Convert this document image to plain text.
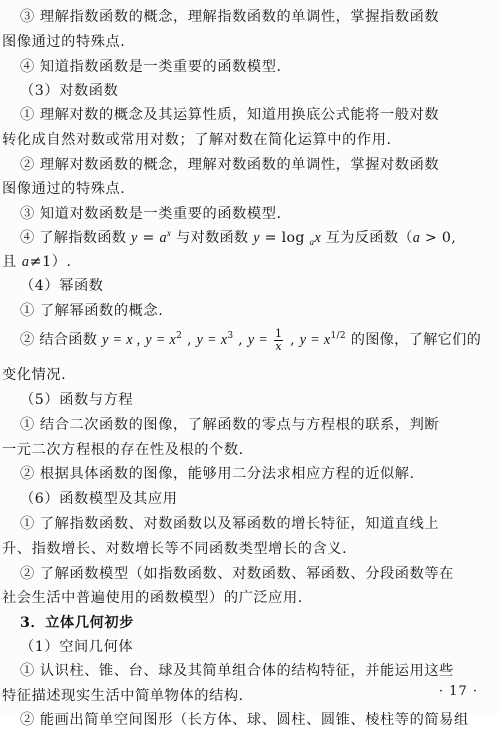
③ 理解指数函数的概念，理解指数函数的单调性，掌握指数函数
图像通过的特殊点.
④ 知道指数函数是一类重要的函数模型.
（3）对数函数
① 理解对数的概念及其运算性质，知道用换底公式能将一般对数
转化成自然对数或常用对数；了解对数在简化运算中的作用.
② 理解对数函数的概念，理解对数函数的单调性，掌握对数函数
图像通过的特殊点.
③ 知道对数函数是一类重要的函数模型.
④ 了解指数函数 $y = a^x$ 与对数函数 y = log $_a$x 互为反函数（a > 0,
且 a≠1）.
（4）幂函数
① 了解幂函数的概念.
② 结合函数 y = x , $y = x^2$ , $y = x^3$ , $y = \frac{1}{x}$ , $y = x^{1/2}$ 的图像，了解它们的
变化情况.
（5）函数与方程
① 结合二次函数的图像，了解函数的零点与方程根的联系，判断
一元二次方程根的存在性及根的个数.
② 根据具体函数的图像，能够用二分法求相应方程的近似解.
（6）函数模型及其应用
① 了解指数函数、对数函数以及幂函数的增长特征，知道直线上
升、指数增长、对数增长等不同函数类型增长的含义.
② 了解函数模型（如指数函数、对数函数、幂函数、分段函数等在
社会生活中普遍使用的函数模型）的广泛应用.
3．立体几何初步
（1）空间几何体
① 认识柱、锥、台、球及其简单组合体的结构特征，并能运用这些
特征描述现实生活中简单物体的结构.
② 能画出简单空间图形（长方体、球、圆柱、圆锥、棱柱等的简易组
· 17 ·
